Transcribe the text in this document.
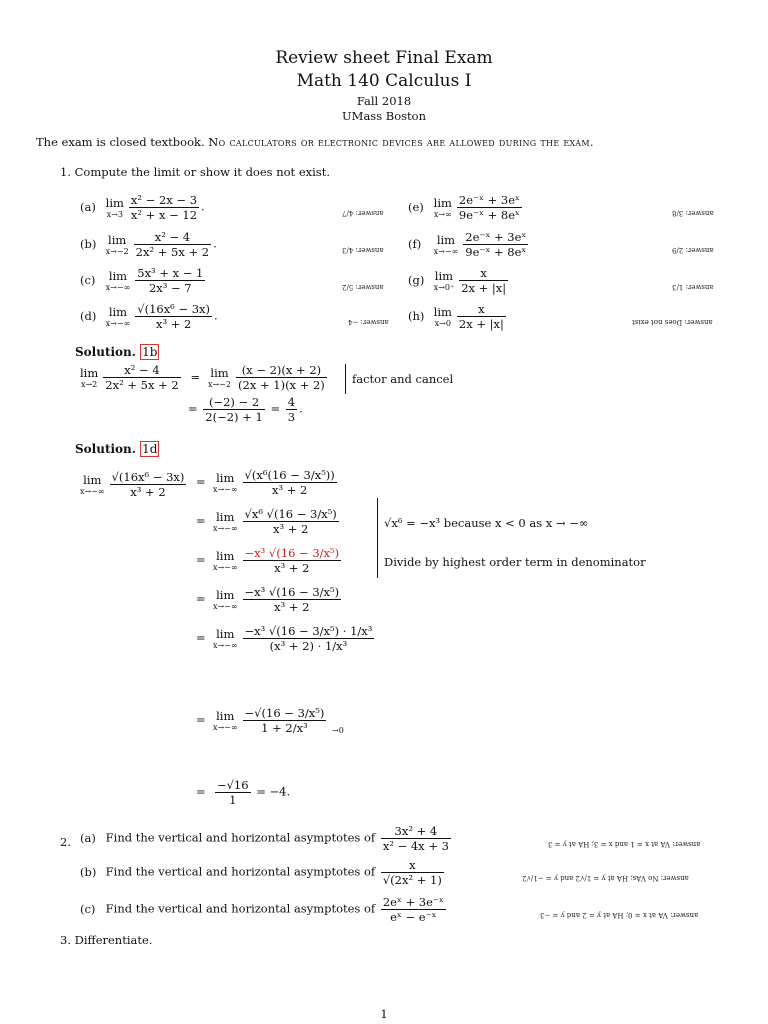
Review sheet Final Exam
Math 140 Calculus I
Fall 2018
UMass Boston
The exam is closed textbook. No calculators or electronic devices are allowed during the exam.
1. Compute the limit or show it does not exist.
(a) lim
$x\to 3 \frac{\text{x² − 2x − 3}}{\text{x² + x − 12}}$ .	answer: 4/7
(b) lim
$x\to-2 \frac{\text{x² − 4}}{\text{2x² + 5x + 2}}$ .	answer: 4/3
(c) lim
$x\to-\infty \frac{\text{5x³ + x − 1}}{\text{2x³ − 7}}$	answer: 5/2
(d) lim
$x\to-\infty \frac{\text{√(16x⁶ − 3x)}}{\text{x³ + 2}}$ .	answer: −4
(e) lim
$x\to\infty \frac{\text{2e⁻ˣ + 3eˣ}}{\text{9e⁻ˣ + 8eˣ}}$	answer: 3/8
(f) lim
$x\to-\infty \frac{\text{2e⁻ˣ + 3eˣ}}{\text{9e⁻ˣ + 8eˣ}}$	answer: 2/9
(g) lim
$x\to 0^+ \frac{x}{2x + |x|}$	answer: 1/3
(h) lim
$x\to 0 \frac{x}{2x + |x|}$	answer: Does not exist
Solution. 1b
lim
$x\to 2 \frac{\text{x² − 4}}{\text{2x² + 5x + 2}} = \lim$
$x\to-2 \frac{(x - 2)(x + 2)}{(2x + 1)(x + 2)}$ factor and cancel
= $\frac{(-2) - 2}{2(-2) + 1} = \frac{4}{3}$ .
Solution. 1d
lim
$x\to-\infty \frac{\text{√(16x⁶ − 3x)}}{\text{x³ + 2}} = \lim$
$x\to-\infty \frac{\text{√(x⁶(16 − 3/x⁵))}}{\text{x³ + 2}}$
= lim
$x\to-\infty \frac{\text{√x⁶ √(16 − 3/x⁵)}}{\text{x³ + 2}}$
= lim
$x\to-\infty \frac{\text{−x³ √(16 − 3/x⁵)}}{\text{x³ + 2}}$
= lim
$x\to-\infty \frac{\text{−x³ √(16 − 3/x⁵)}}{\text{x³ + 2}}$
= lim
$x\to-\infty \frac{\text{−x³ √(16 − 3/x⁵) · 1/x³}}{\text{(x³ + 2) · 1/x³}}$
= lim
$x\to-\infty \frac{\text{−√(16 − 3/x⁵)}}{\text{1 + 2/x³}} \to 0$
= $\frac{-√16}{1} = -4$.
√x⁶ = −x³ because x < 0 as x → −∞
Divide by highest order term in denominator
2. (a) Find the vertical and horizontal asymptotes of $\frac{\text{3x² + 4}}{\text{x² − 4x + 3}}$	answer: VA at x = 1 and x = 3; HA at y = 3
(b) Find the vertical and horizontal asymptotes of $\frac{x}{\text{√(2x² + 1)}}$	answer: No VAs; HA at y = 1/√2 and y = −1/√2
(c) Find the vertical and horizontal asymptotes of $\frac{\text{2eˣ + 3e⁻ˣ}}{\text{eˣ − e⁻ˣ}}$	answer: VA at x = 0; HA at y = 2 and y = −3
3. Differentiate.
1
